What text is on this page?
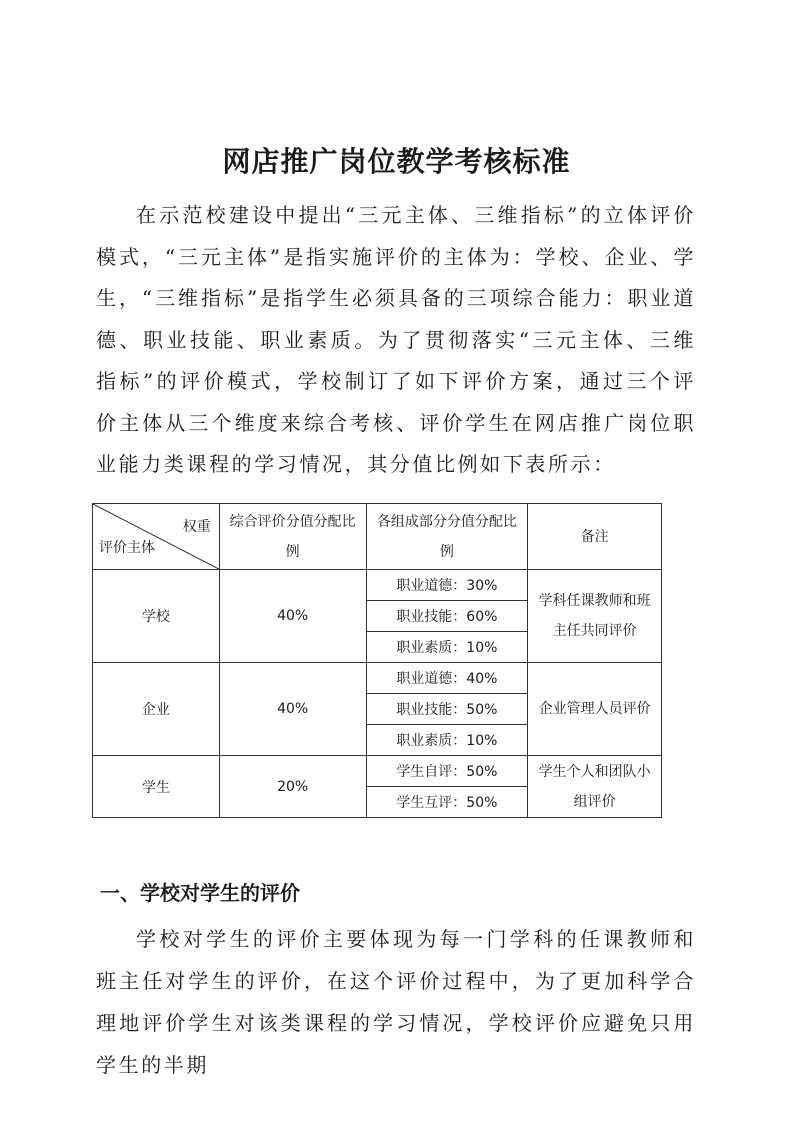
网店推广岗位教学考核标准

在示范校建设中提出“三元主体、三维指标”的立体评价模式，“三元主体”是指实施评价的主体为：学校、企业、学生，“三维指标”是指学生必须具备的三项综合能力：职业道德、职业技能、职业素质。为了贯彻落实“三元主体、三维指标”的评价模式，学校制订了如下评价方案，通过三个评价主体从三个维度来综合考核、评价学生在网店推广岗位职业能力类课程的学习情况，其分值比例如下表所示：

权重
评价主体	综合评价分值分配比例	各组成部分分值分配比例	备注
学校	40%	职业道德：30%	学科任课教师和班主任共同评价
		职业技能：60%	
		职业素质：10%	
企业	40%	职业道德：40%	企业管理人员评价
		职业技能：50%	
		职业素质：10%	
学生	20%	学生自评：50%	学生个人和团队小组评价
		学生互评：50%	
一、学校对学生的评价

学校对学生的评价主要体现为每一门学科的任课教师和班主任对学生的评价，在这个评价过程中，为了更加科学合理地评价学生对该类课程的学习情况，学校评价应避免只用学生的半期
